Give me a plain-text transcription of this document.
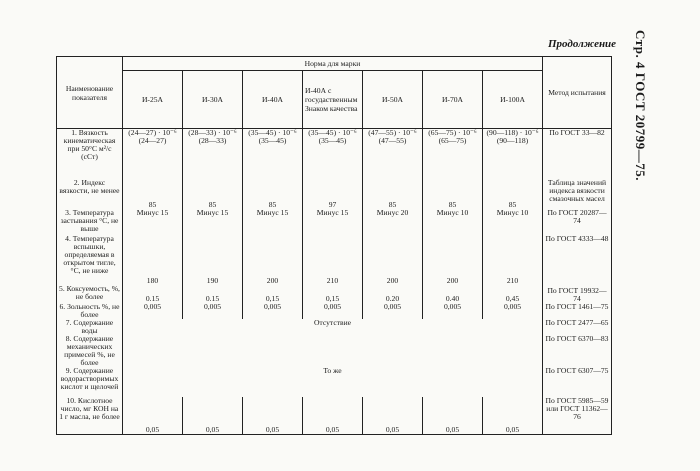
Стр. 4 ГОСТ 20799—75.
Продолжение
Наименование показателя	Норма для марки							Метод испытания
	И-25А	И-30А	И-40А	И-40А с госудаственным Знаком качества	И-50А	И-70А	И-100А	
1. Вязкость кинематическая при 50°С м²/с (сСт)	(24—27) · 10⁻⁶ (24—27)	(28—33) · 10⁻⁶ (28—33)	(35—45) · 10⁻⁶ (35—45)	(35—45) · 10⁻⁶ (35—45)	(47—55) · 10⁻⁶ (47—55)	(65—75) · 10⁻⁶ (65—75)	(90—118) · 10⁻⁶ (90—118)	По ГОСТ 33—82
2. Индекс вязкости, не менее	85	85	85	97	85	85	85	Таблица значений индекса вязкости смазочных масел
3. Температура застывания °С, не выше	Минус 15	Минус 15	Минус 15	Минус 15	Минус 20	Минус 10	Минус 10	По ГОСТ 20287—74
4. Температура вспышки, определяемая в открытом тигле, °С, не ниже	180	190	200	210	200	200	210	По ГОСТ 4333—48
5. Коксуемость, %, не более	0.15	0.15	0,15	0,15	0.20	0.40	0,45	По ГОСТ 19932—74
6. Зольность %, не более	0,005	0,005	0,005	0,005	0,005	0,005	0,005	По ГОСТ 1461—75
7. Содержание воды	Отсутствие							По ГОСТ 2477—65
8. Содержание механических примесей %, не более								По ГОСТ 6370—83
9. Содержание водорастворимых кислот и щелочей	То же							По ГОСТ 6307—75
10. Кислотное число, мг КОН на 1 г масла, не более	0,05	0,05	0,05	0,05	0,05	0,05	0,05	По ГОСТ 5985—59 или ГОСТ 11362—76
